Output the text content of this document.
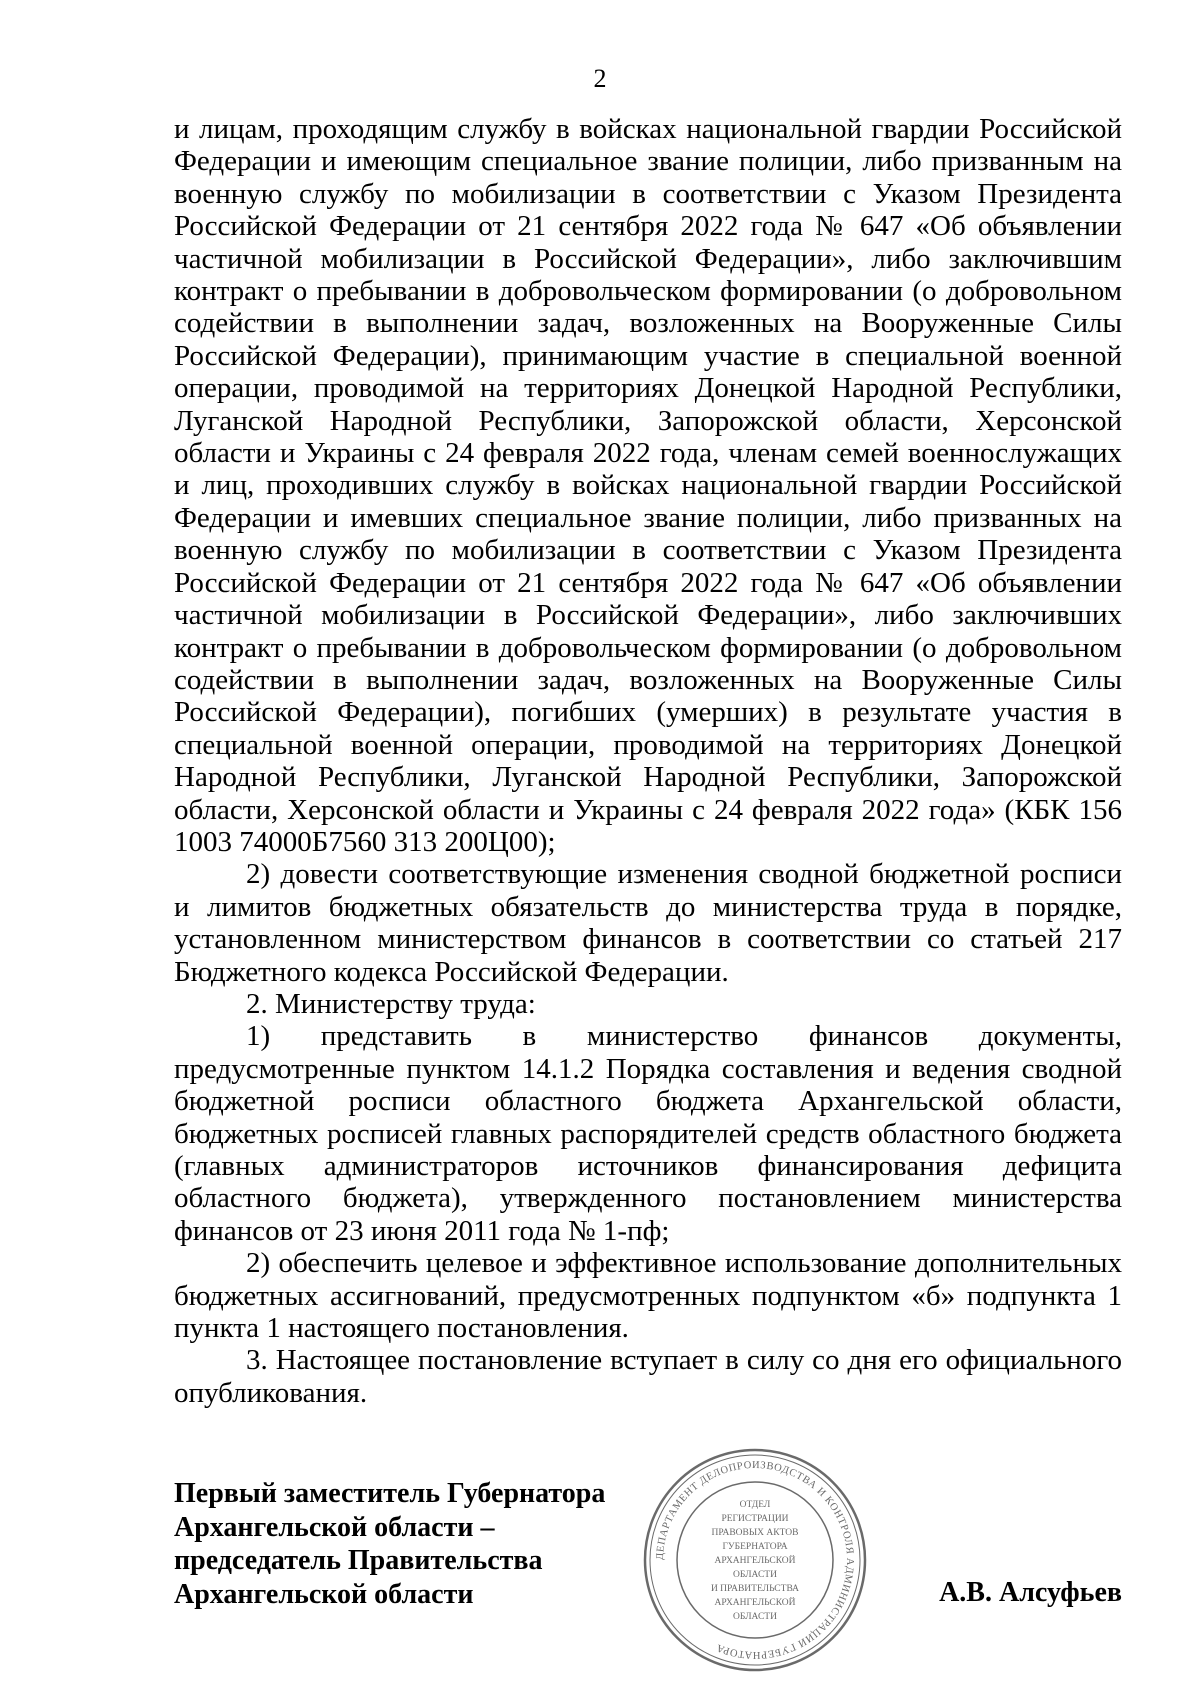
2

и лицам, проходящим службу в войсках национальной гвардии Российской Федерации и имеющим специальное звание полиции, либо призванным на военную службу по мобилизации в соответствии с Указом Президента Российской Федерации от 21 сентября 2022 года № 647 «Об объявлении частичной мобилизации в Российской Федерации», либо заключившим контракт о пребывании в добровольческом формировании (о добровольном содействии в выполнении задач, возложенных на Вооруженные Силы Российской Федерации), принимающим участие в специальной военной операции, проводимой на территориях Донецкой Народной Республики, Луганской Народной Республики, Запорожской области, Херсонской области и Украины с 24 февраля 2022 года, членам семей военнослужащих и лиц, проходивших службу в войсках национальной гвардии Российской Федерации и имевших специальное звание полиции, либо призванных на военную службу по мобилизации в соответствии с Указом Президента Российской Федерации от 21 сентября 2022 года № 647 «Об объявлении частичной мобилизации в Российской Федерации», либо заключивших контракт о пребывании в добровольческом формировании (о добровольном содействии в выполнении задач, возложенных на Вооруженные Силы Российской Федерации), погибших (умерших) в результате участия в специальной военной операции, проводимой на территориях Донецкой Народной Республики, Луганской Народной Республики, Запорожской области, Херсонской области и Украины с 24 февраля 2022 года» (КБК 156 1003 74000Б7560 313 200Ц00);

2) довести соответствующие изменения сводной бюджетной росписи и лимитов бюджетных обязательств до министерства труда в порядке, установленном министерством финансов в соответствии со статьей 217 Бюджетного кодекса Российской Федерации.

2. Министерству труда:

1) представить в министерство финансов документы, предусмотренные пунктом 14.1.2 Порядка составления и ведения сводной бюджетной росписи областного бюджета Архангельской области, бюджетных росписей главных распорядителей средств областного бюджета (главных администраторов источников финансирования дефицита областного бюджета), утвержденного постановлением министерства финансов от 23 июня 2011 года № 1-пф;

2) обеспечить целевое и эффективное использование дополнительных бюджетных ассигнований, предусмотренных подпунктом «б» подпункта 1 пункта 1 настоящего постановления.

3. Настоящее постановление вступает в силу со дня его официального опубликования.

Первый заместитель Губернатора
Архангельской области –
председатель Правительства
Архангельской области	А.В. Алсуфьев
ДЕПАРТАМЕНТ ДЕЛОПРОИЗВОДСТВА И КОНТРОЛЯ АДМИНИСТРАЦИИ ГУБЕРНАТОРА
ОТДЕЛ
РЕГИСТРАЦИИ
ПРАВОВЫХ АКТОВ
ГУБЕРНАТОРА
АРХАНГЕЛЬСКОЙ
ОБЛАСТИ
И ПРАВИТЕЛЬСТВА
АРХАНГЕЛЬСКОЙ
ОБЛАСТИ
